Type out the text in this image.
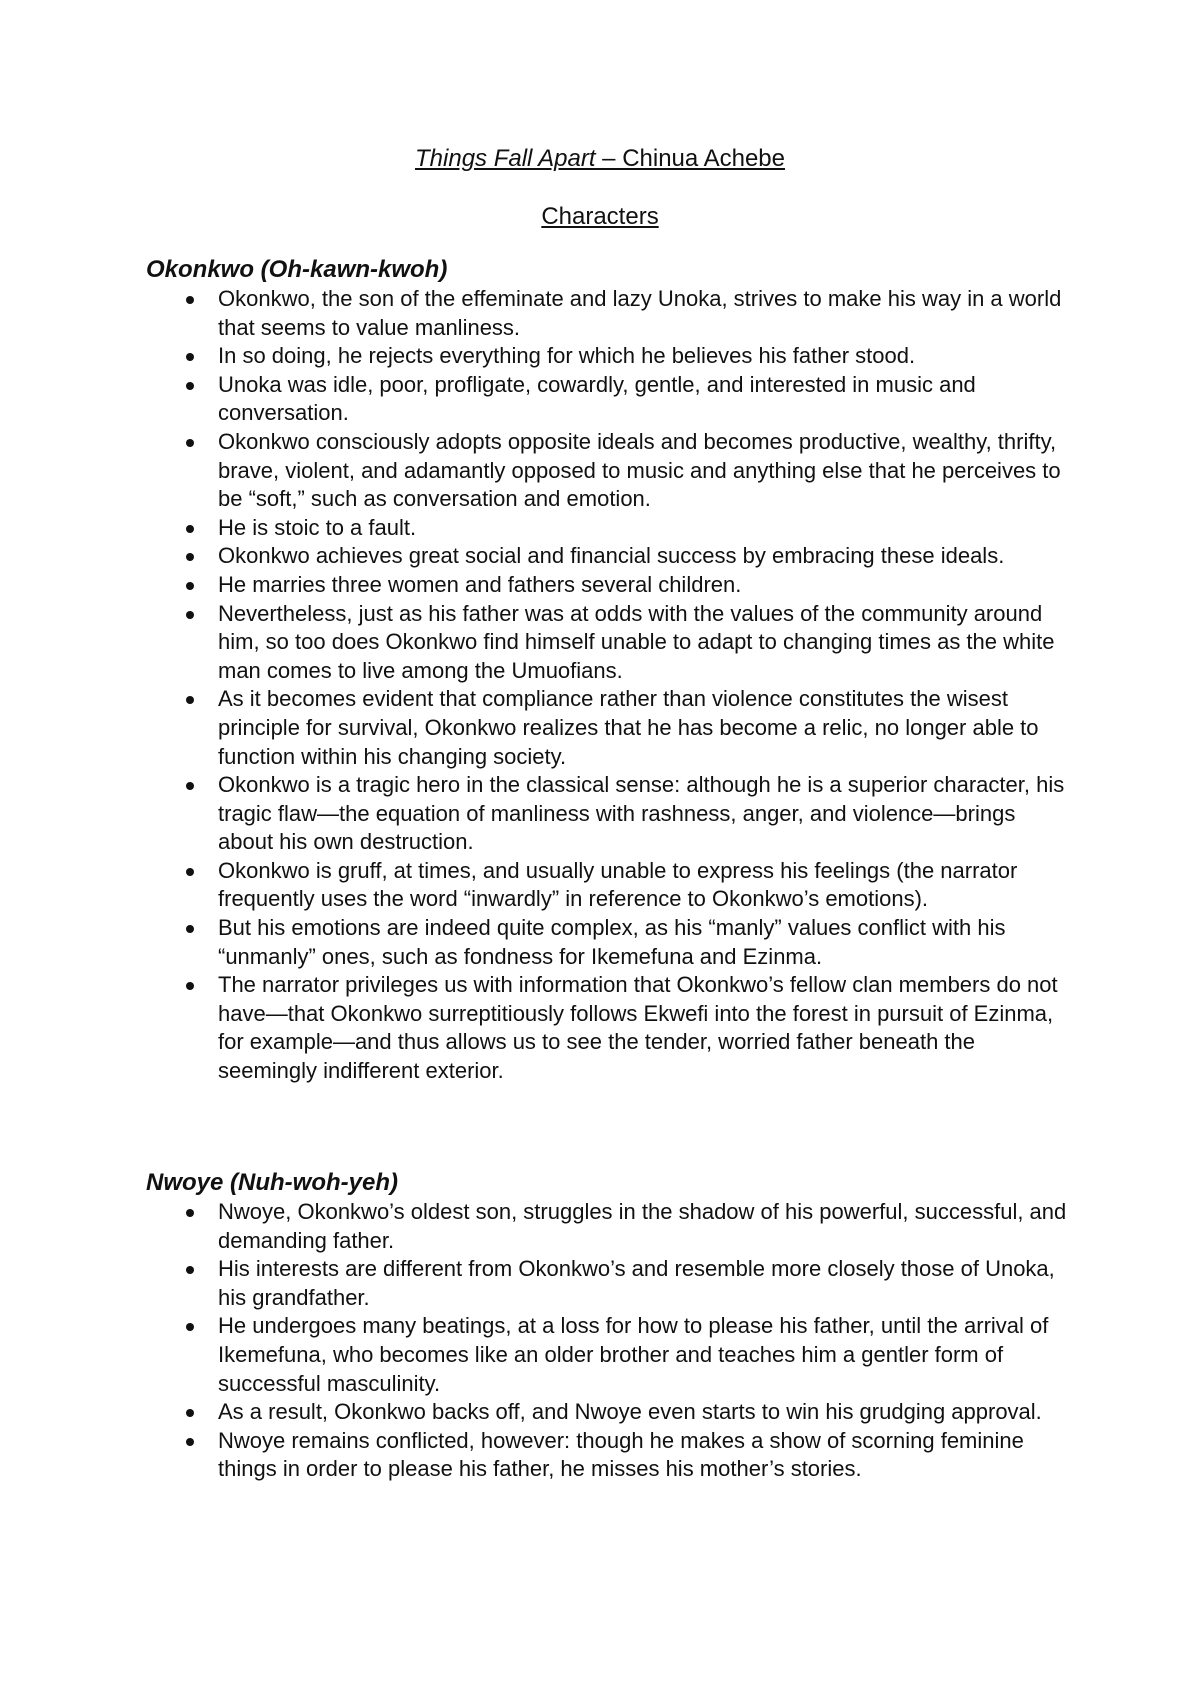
Things Fall Apart – Chinua Achebe
Characters
Okonkwo (Oh-kawn-kwoh)
Okonkwo, the son of the effeminate and lazy Unoka, strives to make his way in a world that seems to value manliness.
In so doing, he rejects everything for which he believes his father stood.
Unoka was idle, poor, profligate, cowardly, gentle, and interested in music and conversation.
Okonkwo consciously adopts opposite ideals and becomes productive, wealthy, thrifty, brave, violent, and adamantly opposed to music and anything else that he perceives to be “soft,” such as conversation and emotion.
He is stoic to a fault.
Okonkwo achieves great social and financial success by embracing these ideals.
He marries three women and fathers several children.
Nevertheless, just as his father was at odds with the values of the community around him, so too does Okonkwo find himself unable to adapt to changing times as the white man comes to live among the Umuofians.
As it becomes evident that compliance rather than violence constitutes the wisest principle for survival, Okonkwo realizes that he has become a relic, no longer able to function within his changing society.
Okonkwo is a tragic hero in the classical sense: although he is a superior character, his tragic flaw—the equation of manliness with rashness, anger, and violence—brings about his own destruction.
Okonkwo is gruff, at times, and usually unable to express his feelings (the narrator frequently uses the word “inwardly” in reference to Okonkwo’s emotions).
But his emotions are indeed quite complex, as his “manly” values conflict with his “unmanly” ones, such as fondness for Ikemefuna and Ezinma.
The narrator privileges us with information that Okonkwo’s fellow clan members do not have—that Okonkwo surreptitiously follows Ekwefi into the forest in pursuit of Ezinma, for example—and thus allows us to see the tender, worried father beneath the seemingly indifferent exterior.
Nwoye (Nuh-woh-yeh)
Nwoye, Okonkwo’s oldest son, struggles in the shadow of his powerful, successful, and demanding father.
His interests are different from Okonkwo’s and resemble more closely those of Unoka, his grandfather.
He undergoes many beatings, at a loss for how to please his father, until the arrival of Ikemefuna, who becomes like an older brother and teaches him a gentler form of successful masculinity.
As a result, Okonkwo backs off, and Nwoye even starts to win his grudging approval.
Nwoye remains conflicted, however: though he makes a show of scorning feminine things in order to please his father, he misses his mother’s stories.
